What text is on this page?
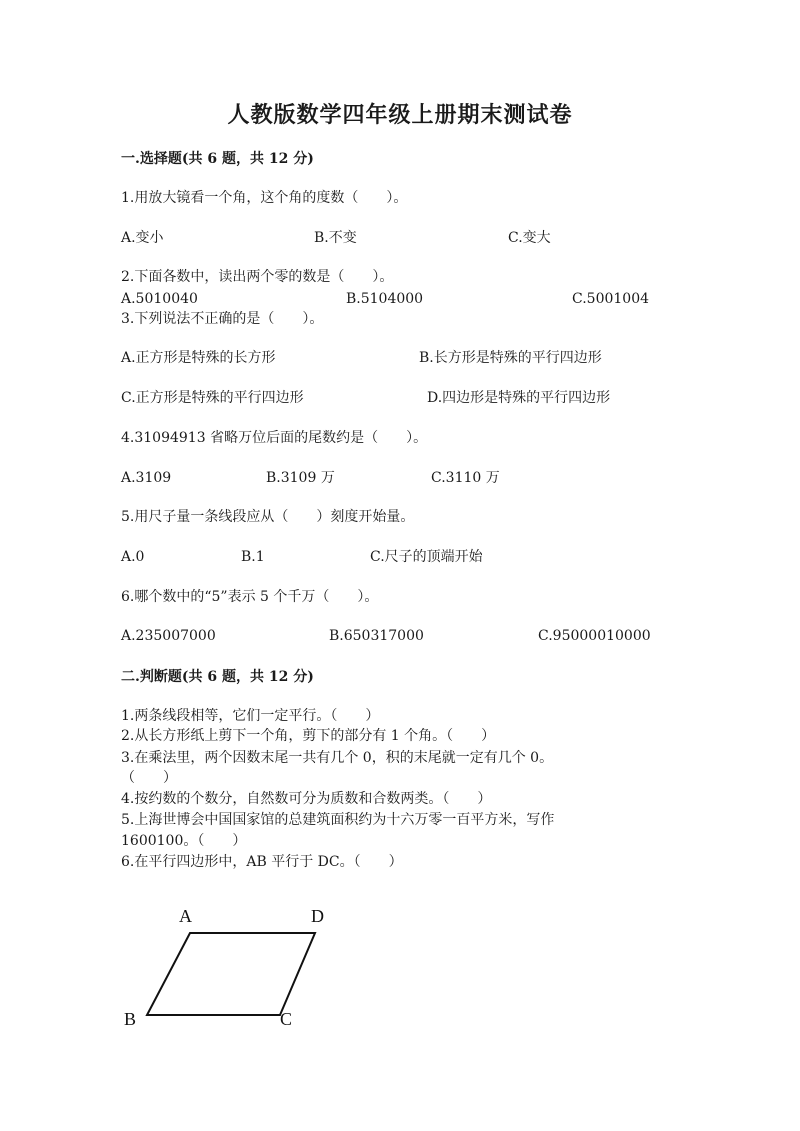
人教版数学四年级上册期末测试卷
一.选择题(共 6 题，共 12 分)
1.用放大镜看一个角，这个角的度数（　　）。
A.变小	B.不变	C.变大
2.下面各数中，读出两个零的数是（　　）。
A.5010040	B.5104000	C.5001004
3.下列说法不正确的是（　　）。
A.正方形是特殊的长方形	B.长方形是特殊的平行四边形
C.正方形是特殊的平行四边形	D.四边形是特殊的平行四边形
4.31094913 省略万位后面的尾数约是（　　）。
A.3109	B.3109 万	C.3110 万
5.用尺子量一条线段应从（　　）刻度开始量。
A.0	B.1	C.尺子的顶端开始
6.哪个数中的“5”表示 5 个千万（　　）。
A.235007000	B.650317000	C.95000010000
二.判断题(共 6 题，共 12 分)
1.两条线段相等，它们一定平行。（　　）
2.从长方形纸上剪下一个角，剪下的部分有 1 个角。（　　）
3.在乘法里，两个因数末尾一共有几个 0，积的末尾就一定有几个 0。
（　　）
4.按约数的个数分，自然数可分为质数和合数两类。（　　）
5.上海世博会中国国家馆的总建筑面积约为十六万零一百平方米，写作
1600100。（　　）
6.在平行四边形中，AB 平行于 DC。（　　）
A	D
B	C
